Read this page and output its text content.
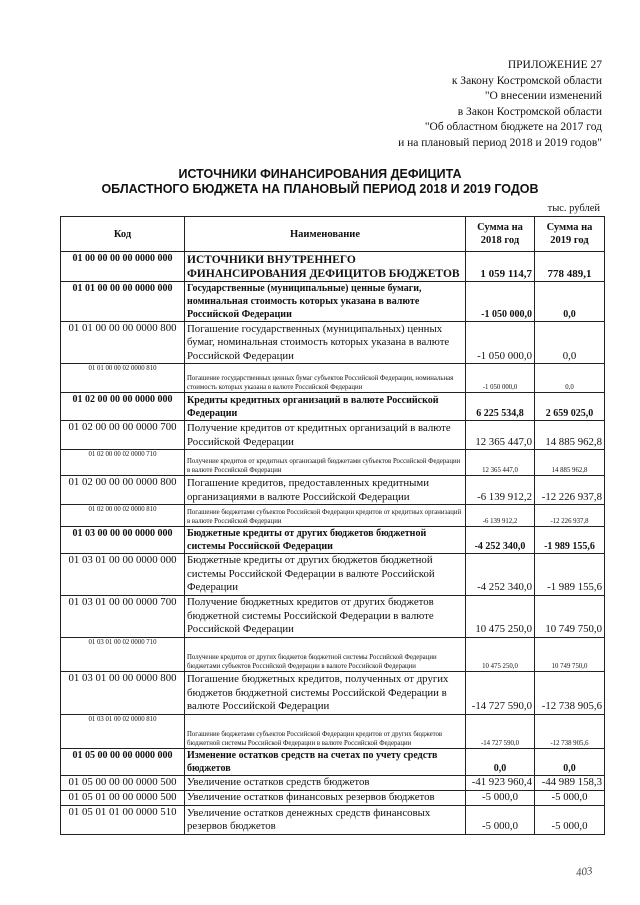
ПРИЛОЖЕНИЕ 27
к Закону Костромской области
"О внесении изменений
в Закон Костромской области
"Об областном бюджете на 2017 год
и на плановый период 2018 и 2019 годов"
ИСТОЧНИКИ ФИНАНСИРОВАНИЯ ДЕФИЦИТА
ОБЛАСТНОГО БЮДЖЕТА НА ПЛАНОВЫЙ ПЕРИОД 2018 И 2019 ГОДОВ
тыс. рублей
Код	Наименование	Сумма на 2018 год	Сумма на 2019 год
01 00 00 00 00 0000 000	ИСТОЧНИКИ ВНУТРЕННЕГО ФИНАНСИРОВАНИЯ ДЕФИЦИТОВ БЮДЖЕТОВ	1 059 114,7	778 489,1
01 01 00 00 00 0000 000	Государственные (муниципальные) ценные бумаги, номинальная стоимость которых указана в валюте Российской Федерации	-1 050 000,0	0,0
01 01 00 00 00 0000 800	Погашение государственных (муниципальных) ценных бумаг, номинальная стоимость которых указана в валюте Российской Федерации	-1 050 000,0	0,0
01 01 00 00 02 0000 810	Погашение государственных ценных бумаг субъектов Российской Федерации, номинальная стоимость которых указана в валюте Российской Федерации	-1 050 000,0	0,0
01 02 00 00 00 0000 000	Кредиты кредитных организаций в валюте Российской Федерации	6 225 534,8	2 659 025,0
01 02 00 00 00 0000 700	Получение кредитов от кредитных организаций в валюте Российской Федерации	12 365 447,0	14 885 962,8
01 02 00 00 02 0000 710	Получение кредитов от кредитных организаций бюджетами субъектов Российской Федерации в валюте Российской Федерации	12 365 447,0	14 885 962,8
01 02 00 00 00 0000 800	Погашение кредитов, предоставленных кредитными организациями в валюте Российской Федерации	-6 139 912,2	-12 226 937,8
01 02 00 00 02 0000 810	Погашение бюджетами субъектов Российской Федерации кредитов от кредитных организаций в валюте Российской Федерации	-6 139 912,2	-12 226 937,8
01 03 00 00 00 0000 000	Бюджетные кредиты от других бюджетов бюджетной системы Российской Федерации	-4 252 340,0	-1 989 155,6
01 03 01 00 00 0000 000	Бюджетные кредиты от других бюджетов бюджетной системы Российской Федерации в валюте Российской Федерации	-4 252 340,0	-1 989 155,6
01 03 01 00 00 0000 700	Получение бюджетных кредитов от других бюджетов бюджетной системы Российской Федерации в валюте Российской Федерации	10 475 250,0	10 749 750,0
01 03 01 00 02 0000 710	Получение кредитов от других бюджетов бюджетной системы Российской Федерации бюджетами субъектов Российской Федерации в валюте Российской Федерации	10 475 250,0	10 749 750,0
01 03 01 00 00 0000 800	Погашение бюджетных кредитов, полученных от других бюджетов бюджетной системы Российской Федерации в валюте Российской Федерации	-14 727 590,0	-12 738 905,6
01 03 01 00 02 0000 810	Погашение бюджетами субъектов Российской Федерации кредитов от других бюджетов бюджетной системы Российской Федерации в валюте Российской Федерации	-14 727 590,0	-12 738 905,6
01 05 00 00 00 0000 000	Изменение остатков средств на счетах по учету средств бюджетов	0,0	0,0
01 05 00 00 00 0000 500	Увеличение остатков средств бюджетов	-41 923 960,4	-44 989 158,3
01 05 01 00 00 0000 500	Увеличение остатков финансовых резервов бюджетов	-5 000,0	-5 000,0
01 05 01 01 00 0000 510	Увеличение остатков денежных средств финансовых резервов бюджетов	-5 000,0	-5 000,0
403
